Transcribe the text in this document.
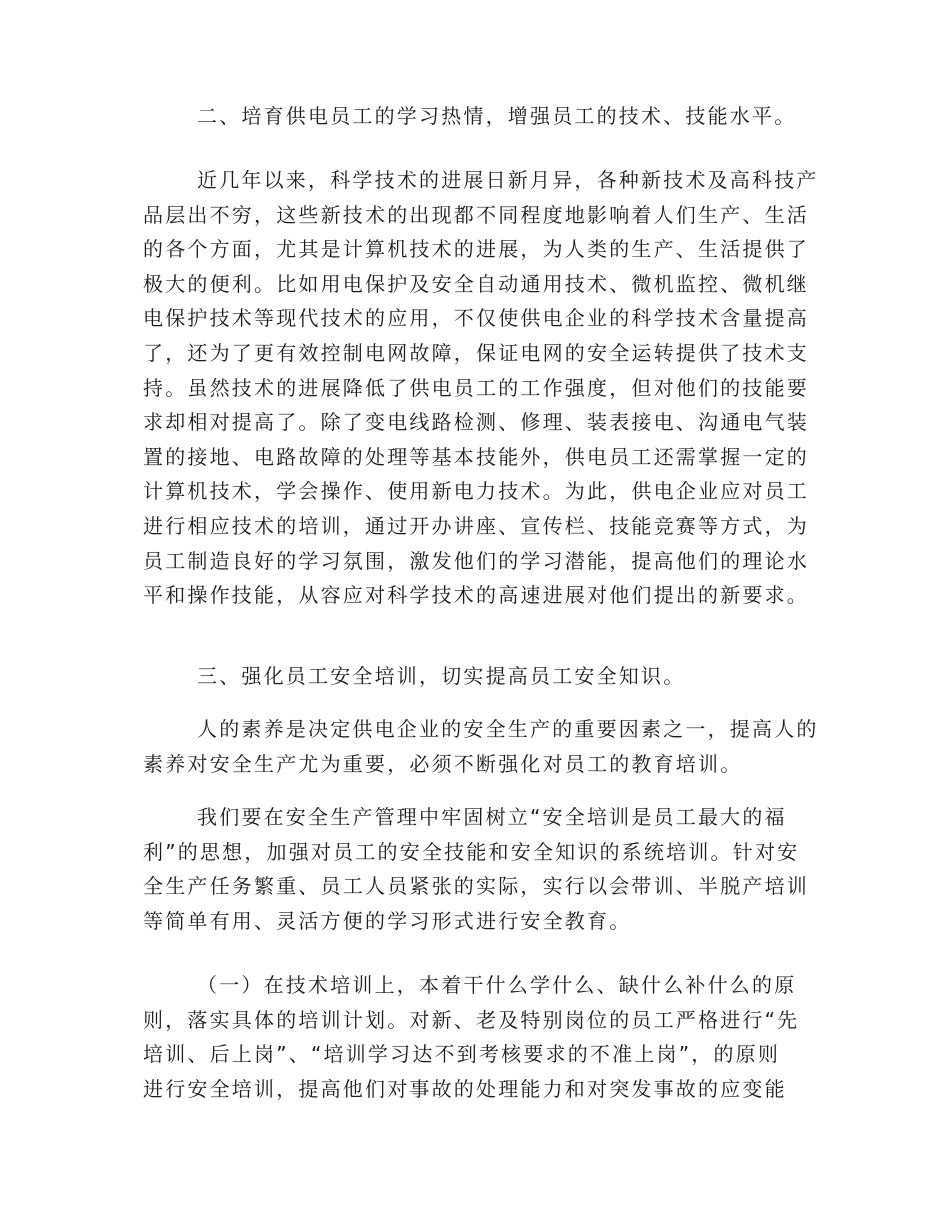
二、培育供电员工的学习热情，增强员工的技术、技能水平。
近几年以来，科学技术的进展日新月异，各种新技术及高科技产
品层出不穷，这些新技术的出现都不同程度地影响着人们生产、生活
的各个方面，尤其是计算机技术的进展，为人类的生产、生活提供了
极大的便利。比如用电保护及安全自动通用技术、微机监控、微机继
电保护技术等现代技术的应用，不仅使供电企业的科学技术含量提高
了，还为了更有效控制电网故障，保证电网的安全运转提供了技术支
持。虽然技术的进展降低了供电员工的工作强度，但对他们的技能要
求却相对提高了。除了变电线路检测、修理、装表接电、沟通电气装
置的接地、电路故障的处理等基本技能外，供电员工还需掌握一定的
计算机技术，学会操作、使用新电力技术。为此，供电企业应对员工
进行相应技术的培训，通过开办讲座、宣传栏、技能竞赛等方式，为
员工制造良好的学习氛围，激发他们的学习潜能，提高他们的理论水
平和操作技能，从容应对科学技术的高速进展对他们提出的新要求。
三、强化员工安全培训，切实提高员工安全知识。
人的素养是决定供电企业的安全生产的重要因素之一，提高人的
素养对安全生产尤为重要，必须不断强化对员工的教育培训。
我们要在安全生产管理中牢固树立“安全培训是员工最大的福
利”的思想，加强对员工的安全技能和安全知识的系统培训。针对安
全生产任务繁重、员工人员紧张的实际，实行以会带训、半脱产培训
等简单有用、灵活方便的学习形式进行安全教育。
（一）在技术培训上，本着干什么学什么、缺什么补什么的原
则，落实具体的培训计划。对新、老及特别岗位的员工严格进行“先
培训、后上岗”、“培训学习达不到考核要求的不准上岗”，的原则
进行安全培训，提高他们对事故的处理能力和对突发事故的应变能
